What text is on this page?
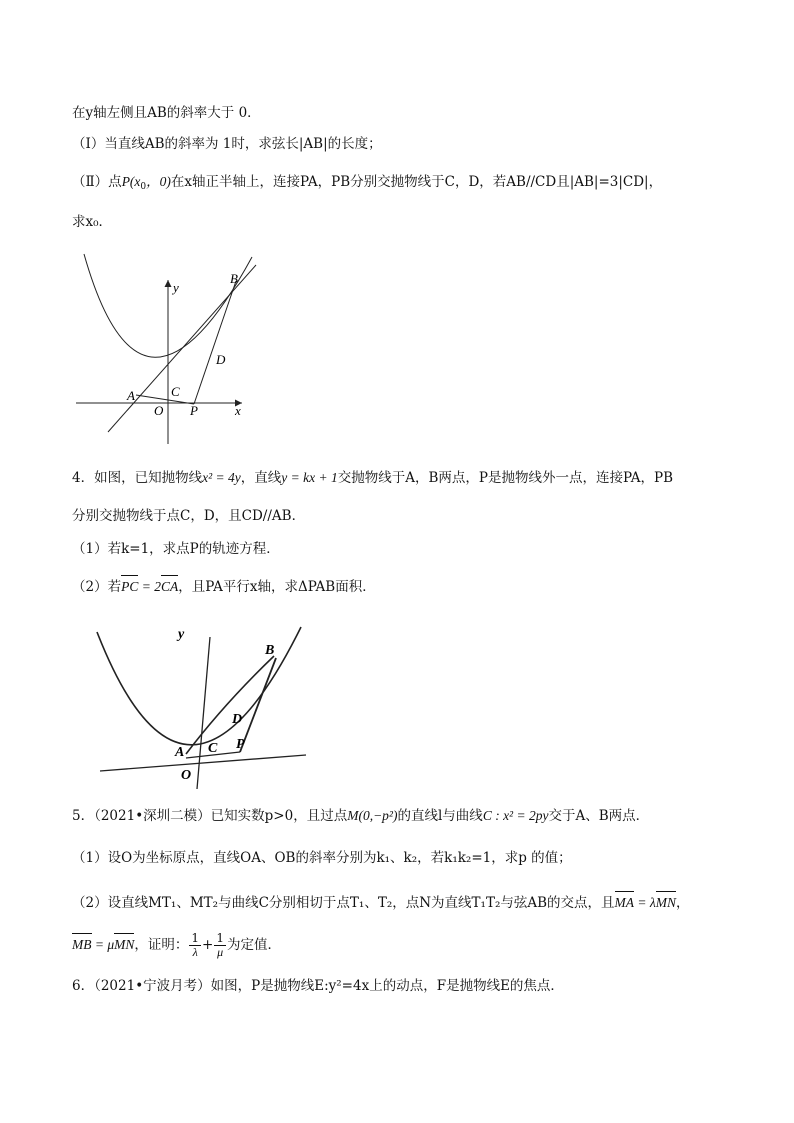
在y轴左侧且AB的斜率大于 0．
（Ⅰ）当直线AB的斜率为 1时，求弦长|AB|的长度；
（Ⅱ）点$P(x_0$，0)在x轴正半轴上，连接PA，PB分别交抛物线于C，D，若AB//CD且|AB|=3|CD|，
求x₀．
y
x
B
D
A	C
O P
4．如图，已知抛物线x² = 4y，直线y = kx + 1交抛物线于A，B两点，P是抛物线外一点，连接PA，PB
分别交抛物线于点C，D，且CD//AB．
（1）若k=1，求点P的轨迹方程．
（2）若PC = 2CA，且PA平行x轴，求ΔPAB面积．
y
B
D
A C P
O
5．（2021•深圳二模）已知实数p>0，且过点M(0,−p²)的直线l与曲线C : x² = 2py交于A、B两点．
（1）设O为坐标原点，直线OA、OB的斜率分别为k₁、k₂，若k₁k₂=1，求p 的值；
（2）设直线MT₁、MT₂与曲线C分别相切于点T₁、T₂，点N为直线T₁T₂与弦AB的交点，且MA = λMN，
MB = μMN，证明： $\frac{1}{\lambda} + \frac{1}{\mu}$ 为定值．
6．（2021•宁波月考）如图，P是抛物线E:y²=4x上的动点，F是抛物线E的焦点．
